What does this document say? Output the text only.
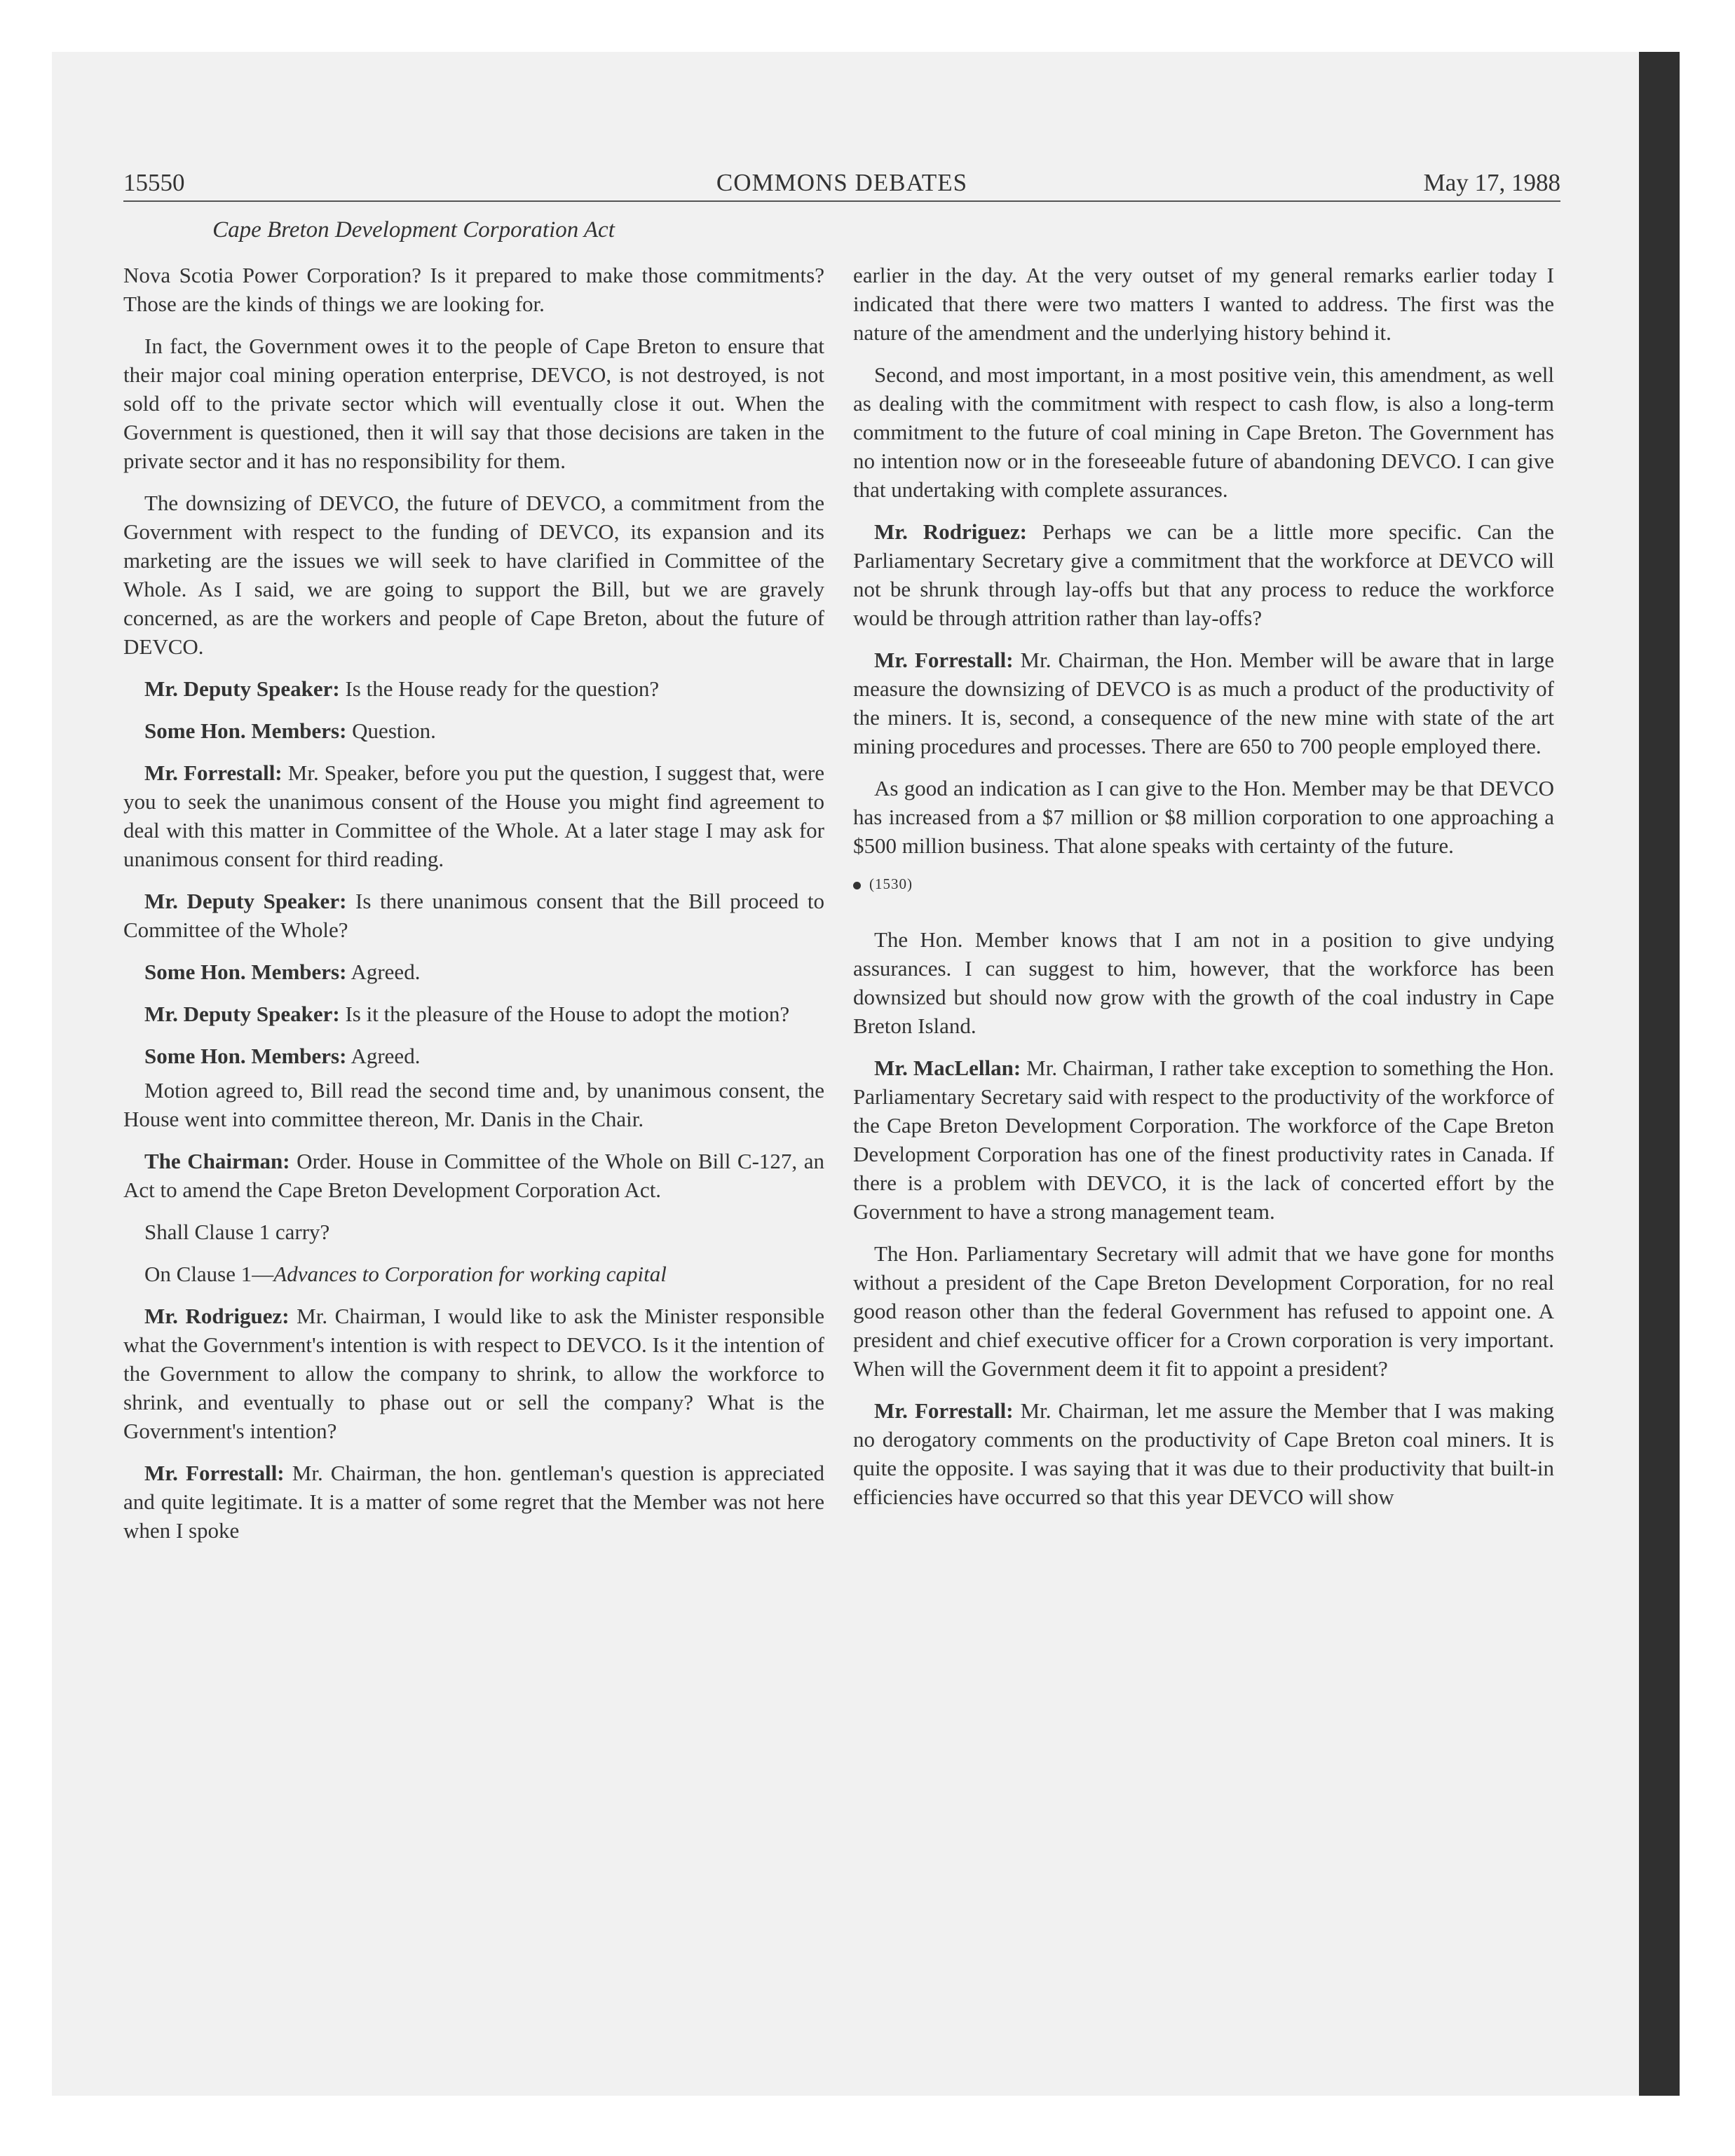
15550	COMMONS DEBATES	May 17, 1988
Cape Breton Development Corporation Act

Nova Scotia Power Corporation? Is it prepared to make those commitments? Those are the kinds of things we are looking for.

In fact, the Government owes it to the people of Cape Breton to ensure that their major coal mining operation enterprise, DEVCO, is not destroyed, is not sold off to the private sector which will eventually close it out. When the Government is questioned, then it will say that those decisions are taken in the private sector and it has no responsibility for them.

The downsizing of DEVCO, the future of DEVCO, a commitment from the Government with respect to the funding of DEVCO, its expansion and its marketing are the issues we will seek to have clarified in Committee of the Whole. As I said, we are going to support the Bill, but we are gravely concerned, as are the workers and people of Cape Breton, about the future of DEVCO.

Mr. Deputy Speaker: Is the House ready for the question?

Some Hon. Members: Question.

Mr. Forrestall: Mr. Speaker, before you put the question, I suggest that, were you to seek the unanimous consent of the House you might find agreement to deal with this matter in Committee of the Whole. At a later stage I may ask for unanimous consent for third reading.

Mr. Deputy Speaker: Is there unanimous consent that the Bill proceed to Committee of the Whole?

Some Hon. Members: Agreed.

Mr. Deputy Speaker: Is it the pleasure of the House to adopt the motion?

Some Hon. Members: Agreed.

Motion agreed to, Bill read the second time and, by unanimous consent, the House went into committee thereon, Mr. Danis in the Chair.

The Chairman: Order. House in Committee of the Whole on Bill C-127, an Act to amend the Cape Breton Development Corporation Act.

Shall Clause 1 carry?

On Clause 1—Advances to Corporation for working capital

Mr. Rodriguez: Mr. Chairman, I would like to ask the Minister responsible what the Government's intention is with respect to DEVCO. Is it the intention of the Government to allow the company to shrink, to allow the workforce to shrink, and eventually to phase out or sell the company? What is the Government's intention?

Mr. Forrestall: Mr. Chairman, the hon. gentleman's question is appreciated and quite legitimate. It is a matter of some regret that the Member was not here when I spoke

earlier in the day. At the very outset of my general remarks earlier today I indicated that there were two matters I wanted to address. The first was the nature of the amendment and the underlying history behind it.

Second, and most important, in a most positive vein, this amendment, as well as dealing with the commitment with respect to cash flow, is also a long-term commitment to the future of coal mining in Cape Breton. The Government has no intention now or in the foreseeable future of abandoning DEVCO. I can give that undertaking with complete assurances.

Mr. Rodriguez: Perhaps we can be a little more specific. Can the Parliamentary Secretary give a commitment that the workforce at DEVCO will not be shrunk through lay-offs but that any process to reduce the workforce would be through attrition rather than lay-offs?

Mr. Forrestall: Mr. Chairman, the Hon. Member will be aware that in large measure the downsizing of DEVCO is as much a product of the productivity of the miners. It is, second, a consequence of the new mine with state of the art mining procedures and processes. There are 650 to 700 people employed there.

As good an indication as I can give to the Hon. Member may be that DEVCO has increased from a $7 million or $8 million corporation to one approaching a $500 million business. That alone speaks with certainty of the future.

(1530)

The Hon. Member knows that I am not in a position to give undying assurances. I can suggest to him, however, that the workforce has been downsized but should now grow with the growth of the coal industry in Cape Breton Island.

Mr. MacLellan: Mr. Chairman, I rather take exception to something the Hon. Parliamentary Secretary said with respect to the productivity of the workforce of the Cape Breton Development Corporation. The workforce of the Cape Breton Development Corporation has one of the finest productivity rates in Canada. If there is a problem with DEVCO, it is the lack of concerted effort by the Government to have a strong management team.

The Hon. Parliamentary Secretary will admit that we have gone for months without a president of the Cape Breton Development Corporation, for no real good reason other than the federal Government has refused to appoint one. A president and chief executive officer for a Crown corporation is very important. When will the Government deem it fit to appoint a president?

Mr. Forrestall: Mr. Chairman, let me assure the Member that I was making no derogatory comments on the productivity of Cape Breton coal miners. It is quite the opposite. I was saying that it was due to their productivity that built-in efficiencies have occurred so that this year DEVCO will show
